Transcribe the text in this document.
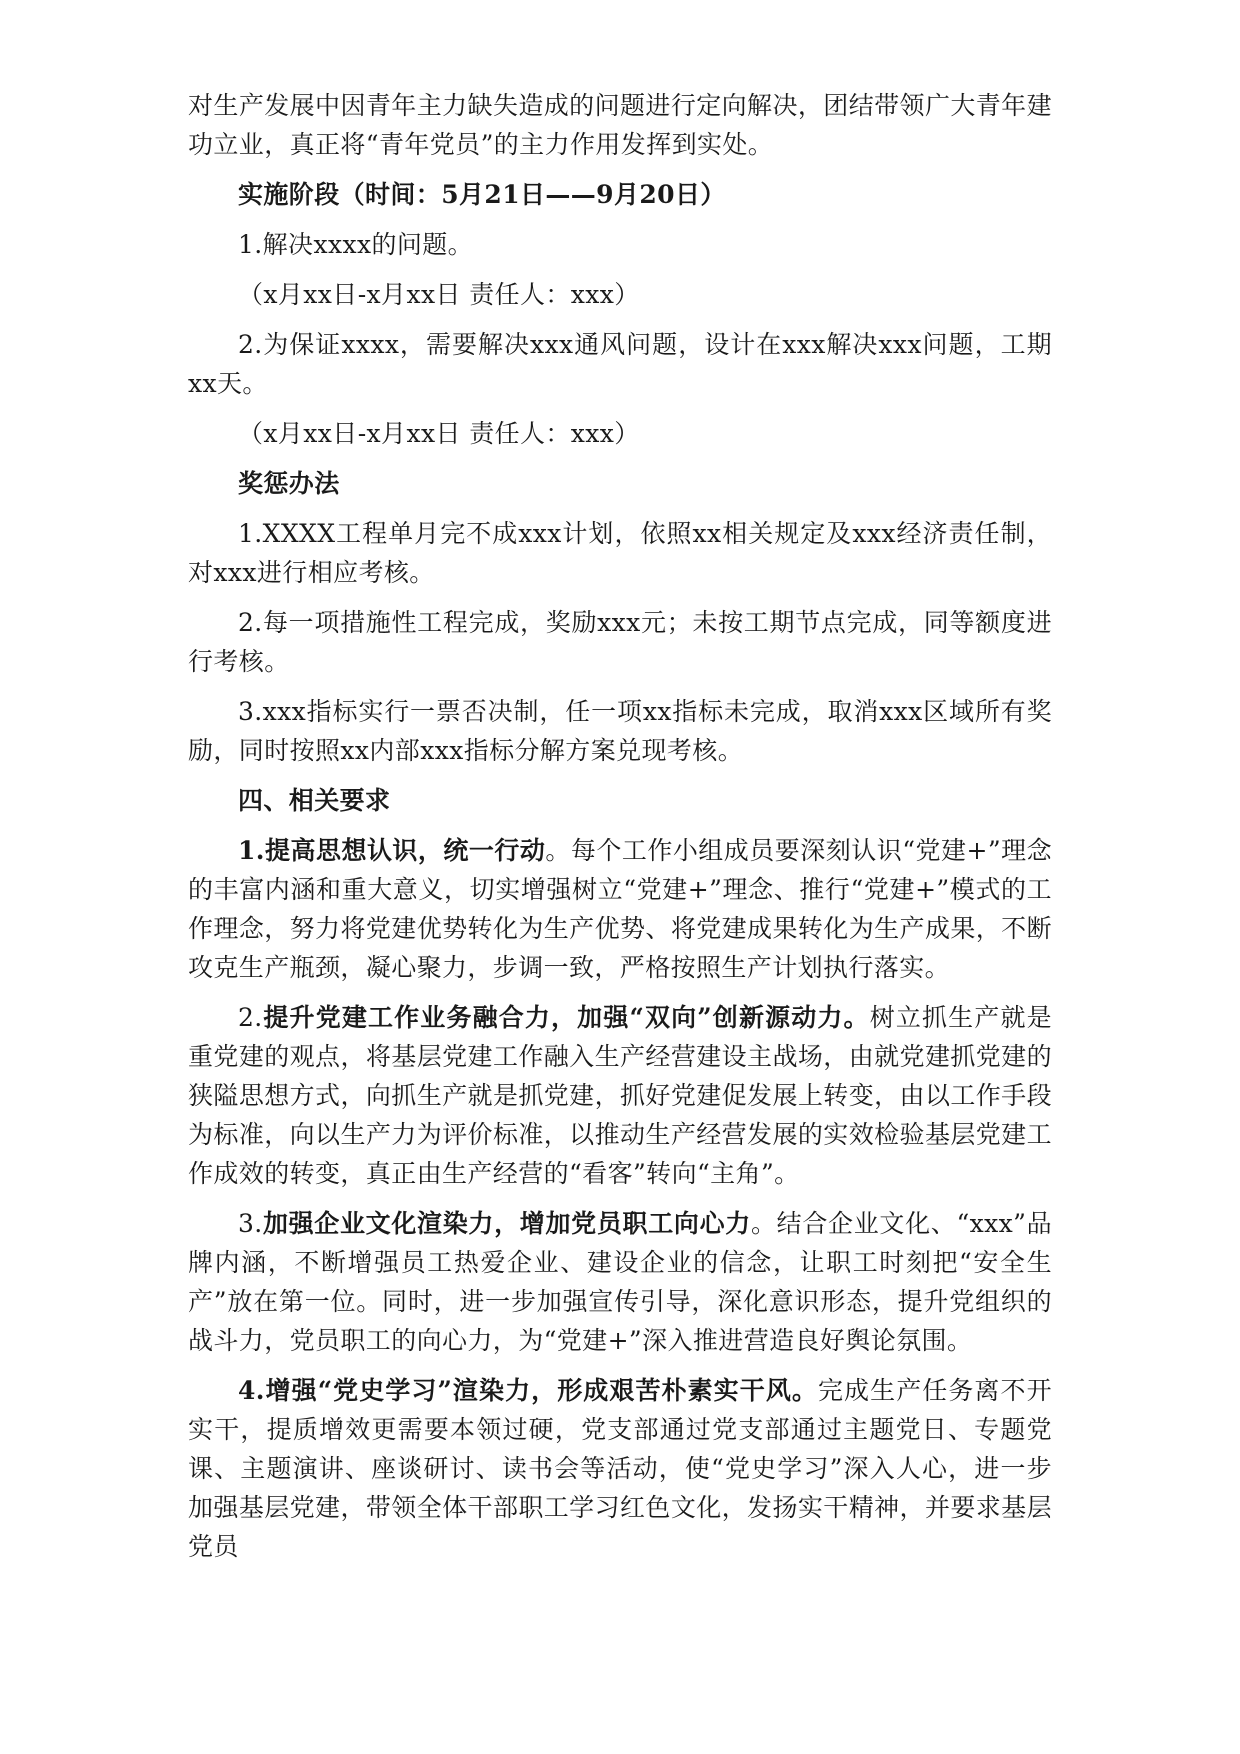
对生产发展中因青年主力缺失造成的问题进行定向解决，团结带领广大青年建功立业，真正将“青年党员”的主力作用发挥到实处。

实施阶段（时间：5月21日——9月20日）

1.解决xxxx的问题。

（x月xx日-x月xx日 责任人：xxx）

2.为保证xxxx，需要解决xxx通风问题，设计在xxx解决xxx问题，工期xx天。

（x月xx日-x月xx日 责任人：xxx）

奖惩办法

1.XXXX工程单月完不成xxx计划，依照xx相关规定及xxx经济责任制，对xxx进行相应考核。

2.每一项措施性工程完成，奖励xxx元；未按工期节点完成，同等额度进行考核。

3.xxx指标实行一票否决制，任一项xx指标未完成，取消xxx区域所有奖励，同时按照xx内部xxx指标分解方案兑现考核。

四、相关要求

1.提高思想认识，统一行动。每个工作小组成员要深刻认识“党建+”理念的丰富内涵和重大意义，切实增强树立“党建+”理念、推行“党建+”模式的工作理念，努力将党建优势转化为生产优势、将党建成果转化为生产成果，不断攻克生产瓶颈，凝心聚力，步调一致，严格按照生产计划执行落实。

2.提升党建工作业务融合力，加强“双向”创新源动力。树立抓生产就是重党建的观点，将基层党建工作融入生产经营建设主战场，由就党建抓党建的狭隘思想方式，向抓生产就是抓党建，抓好党建促发展上转变，由以工作手段为标准，向以生产力为评价标准，以推动生产经营发展的实效检验基层党建工作成效的转变，真正由生产经营的“看客”转向“主角”。

3.加强企业文化渲染力，增加党员职工向心力。结合企业文化、“xxx”品牌内涵，不断增强员工热爱企业、建设企业的信念，让职工时刻把“安全生产”放在第一位。同时，进一步加强宣传引导，深化意识形态，提升党组织的战斗力，党员职工的向心力，为“党建+”深入推进营造良好舆论氛围。

4.增强“党史学习”渲染力，形成艰苦朴素实干风。完成生产任务离不开实干，提质增效更需要本领过硬，党支部通过党支部通过主题党日、专题党课、主题演讲、座谈研讨、读书会等活动，使“党史学习”深入人心，进一步加强基层党建，带领全体干部职工学习红色文化，发扬实干精神，并要求基层党员
